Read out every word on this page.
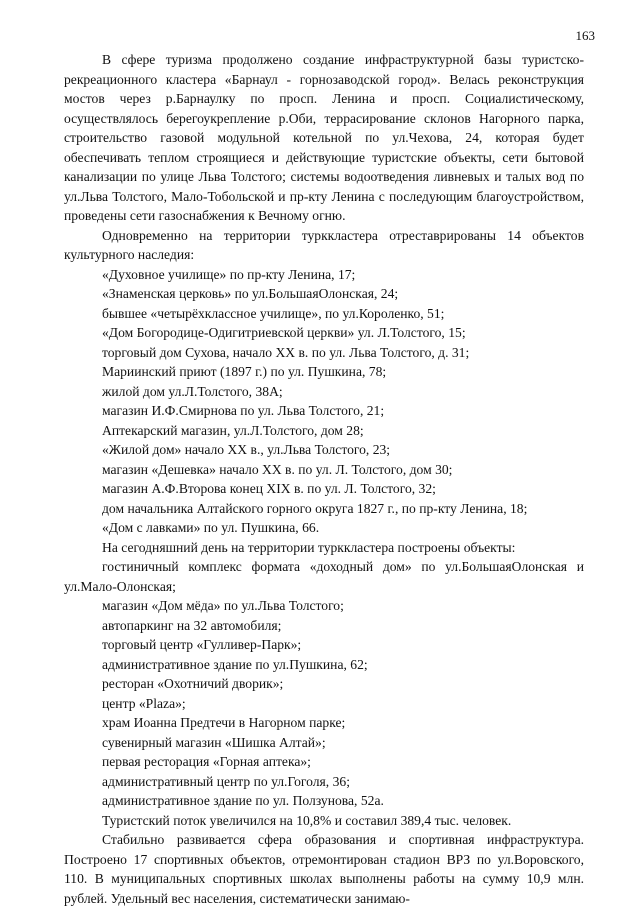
163

В сфере туризма продолжено создание инфраструктурной базы туристско-рекреационного кластера «Барнаул - горнозаводской город». Велась реконструкция мостов через р.Барнаулку по просп. Ленина и просп. Социалистическому, осуществлялось берегоукрепление р.Оби, террасирование склонов Нагорного парка, строительство газовой модульной котельной по ул.Чехова, 24, которая будет обеспечивать теплом строящиеся и действующие туристские объекты, сети бытовой канализации по улице Льва Толстого; системы водоотведения ливневых и талых вод по ул.Льва Толстого, Мало-Тобольской и пр-кту Ленина с последующим благоустройством, проведены сети газоснабжения к Вечному огню.

Одновременно на территории турккластера отреставрированы 14 объектов культурного наследия:

«Духовное училище» по пр-кту Ленина, 17;

«Знаменская церковь» по ул.БольшаяОлонская, 24;

бывшее «четырёхклассное училище», по ул.Короленко, 51;

«Дом Богородице-Одигитриевской церкви» ул. Л.Толстого, 15;

торговый дом Сухова, начало XX в. по ул. Льва Толстого, д. 31;

Мариинский приют (1897 г.) по ул. Пушкина, 78;

жилой дом ул.Л.Толстого, 38А;

магазин И.Ф.Смирнова по ул. Льва Толстого, 21;

Аптекарский магазин, ул.Л.Толстого, дом 28;

«Жилой дом» начало XX в., ул.Льва Толстого, 23;

магазин «Дешевка» начало XX в. по ул. Л. Толстого, дом 30;

магазин А.Ф.Второва конец XIX в. по ул. Л. Толстого, 32;

дом начальника Алтайского горного округа 1827 г., по пр-кту Ленина, 18;

«Дом с лавками» по ул. Пушкина, 66.

На сегодняшний день на территории турккластера построены объекты:

гостиничный комплекс формата «доходный дом» по ул.БольшаяОлонская и ул.Мало-Олонская;

магазин «Дом мёда» по ул.Льва Толстого;

автопаркинг на 32 автомобиля;

торговый центр «Гулливер-Парк»;

административное здание по ул.Пушкина, 62;

ресторан «Охотничий дворик»;

центр «Plaza»;

храм Иоанна Предтечи в Нагорном парке;

сувенирный магазин «Шишка Алтай»;

первая ресторация «Горная аптека»;

административный центр по ул.Гоголя, 36;

административное здание по ул. Ползунова, 52а.

Туристский поток увеличился на 10,8% и составил 389,4 тыс. человек.

Стабильно развивается сфера образования и спортивная инфраструктура. Построено 17 спортивных объектов, отремонтирован стадион ВРЗ по ул.Воровского, 110. В муниципальных спортивных школах выполнены работы на сумму 10,9 млн. рублей. Удельный вес населения, систематически занимаю-
